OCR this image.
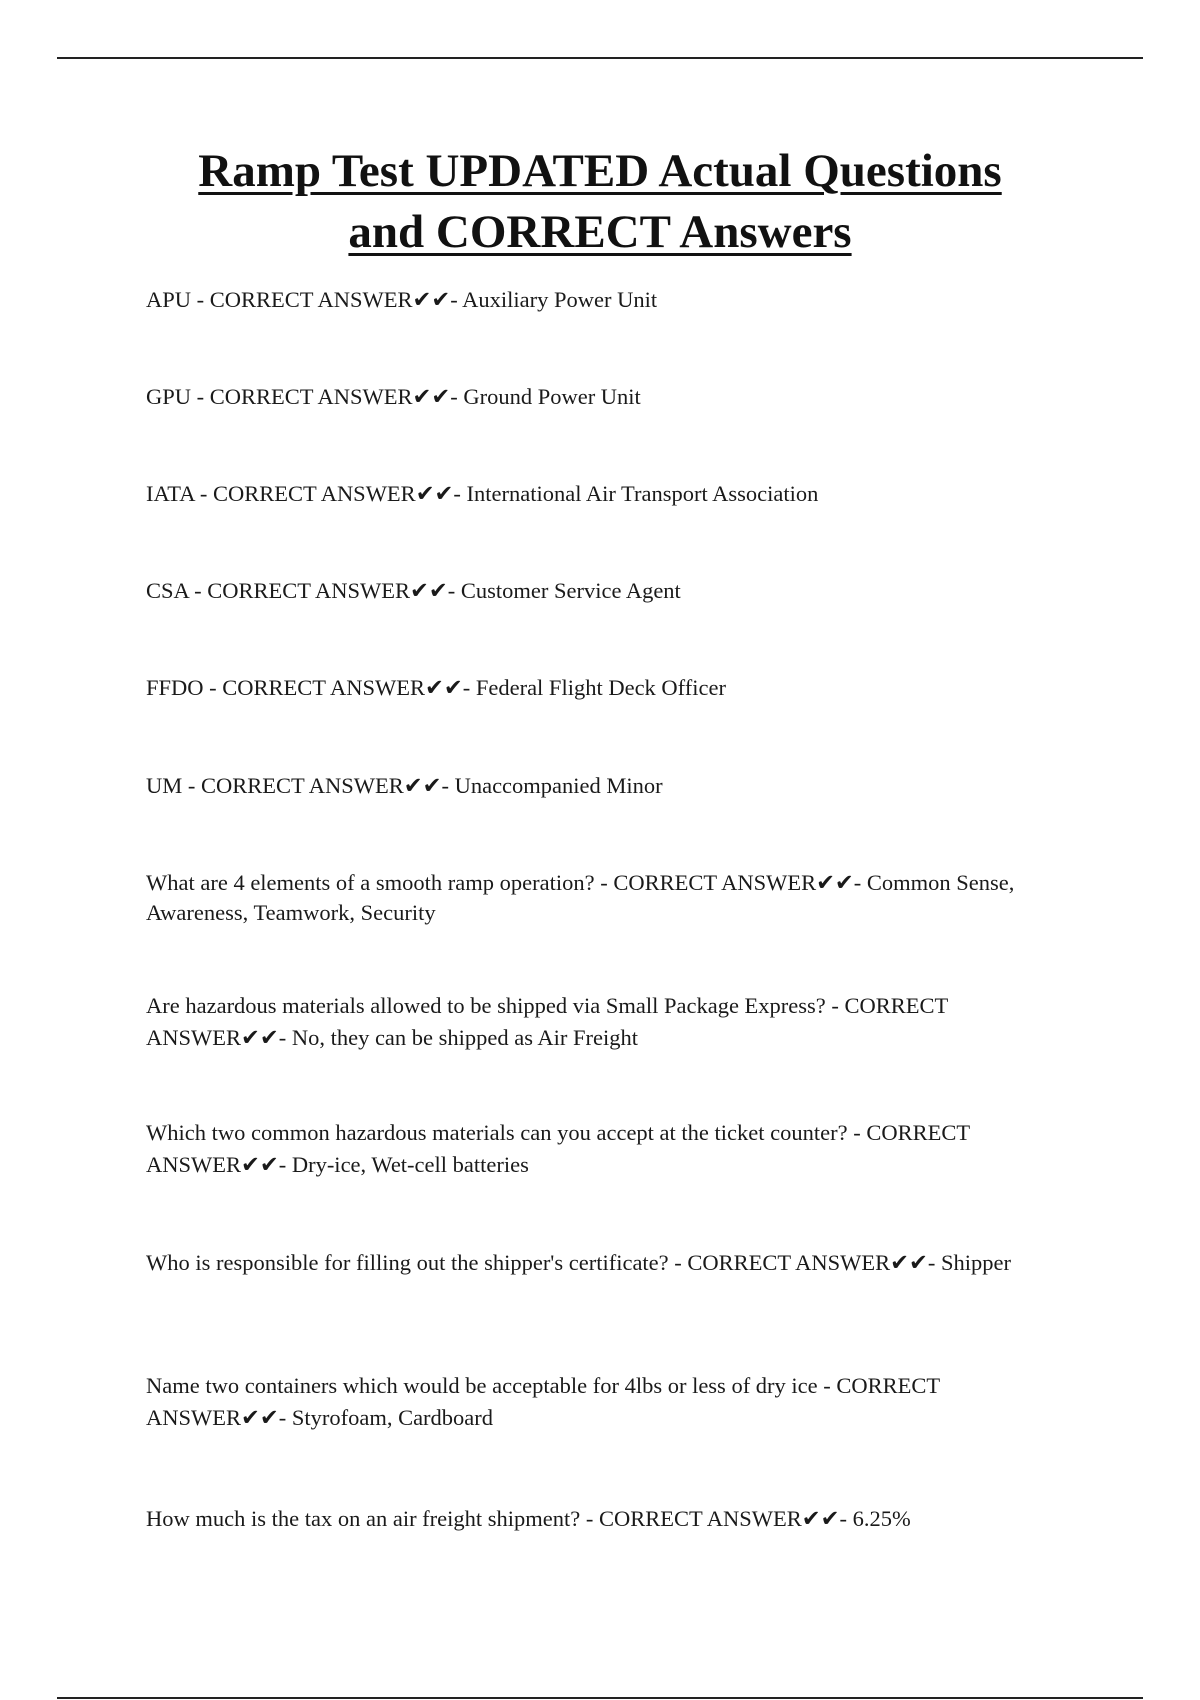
Ramp Test UPDATED Actual Questions
and CORRECT Answers

APU - CORRECT ANSWER✔✔- Auxiliary Power Unit

GPU - CORRECT ANSWER✔✔- Ground Power Unit

IATA - CORRECT ANSWER✔✔- International Air Transport Association

CSA - CORRECT ANSWER✔✔- Customer Service Agent

FFDO - CORRECT ANSWER✔✔- Federal Flight Deck Officer

UM - CORRECT ANSWER✔✔- Unaccompanied Minor

What are 4 elements of a smooth ramp operation? - CORRECT ANSWER✔✔- Common Sense, Awareness, Teamwork, Security

Are hazardous materials allowed to be shipped via Small Package Express? - CORRECT ANSWER✔✔- No, they can be shipped as Air Freight

Which two common hazardous materials can you accept at the ticket counter? - CORRECT ANSWER✔✔- Dry-ice, Wet-cell batteries

Who is responsible for filling out the shipper's certificate? - CORRECT ANSWER✔✔- Shipper

Name two containers which would be acceptable for 4lbs or less of dry ice - CORRECT ANSWER✔✔- Styrofoam, Cardboard

How much is the tax on an air freight shipment? - CORRECT ANSWER✔✔- 6.25%
